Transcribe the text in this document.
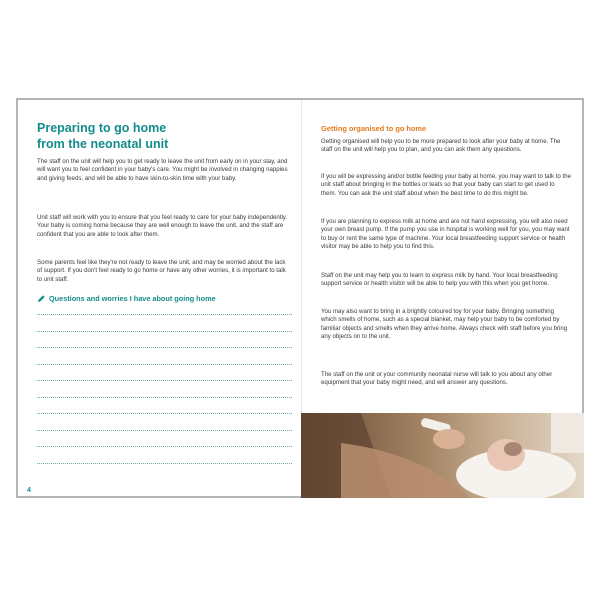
Preparing to go home
from the neonatal unit

The staff on the unit will help you to get ready to leave the unit from early on in your stay, and will want you to feel confident in your baby's care. You might be involved in changing nappies and giving feeds, and will be able to have skin-to-skin time with your baby.

Unit staff will work with you to ensure that you feel ready to care for your baby independently. Your baby is coming home because they are well enough to leave the unit, and the staff are confident that you are able to look after them.

Some parents feel like they're not ready to leave the unit, and may be worried about the lack of support. If you don't feel ready to go home or have any other worries, it is important to talk to unit staff.

Questions and worries I have about going home

4

Getting organised to go home

Getting organised will help you to be more prepared to look after your baby at home. The staff on the unit will help you to plan, and you can ask them any questions.

If you will be expressing and/or bottle feeding your baby at home, you may want to talk to the unit staff about bringing in the bottles or teats so that your baby can start to get used to them. You can ask the unit staff about when the best time to do this might be.

If you are planning to express milk at home and are not hand expressing, you will also need your own breast pump. If the pump you use in hospital is working well for you, you may want to buy or rent the same type of machine. Your local breastfeeding support service or health visitor may be able to help you to find this.

Staff on the unit may help you to learn to express milk by hand. Your local breastfeeding support service or health visitor will be able to help you with this when you get home.

You may also want to bring in a brightly coloured toy for your baby. Bringing something which smells of home, such as a special blanket, may help your baby to be comforted by familiar objects and smells when they arrive home. Always check with staff before you bring any objects on to the unit.

The staff on the unit or your community neonatal nurse will talk to you about any other equipment that your baby might need, and will answer any questions.
